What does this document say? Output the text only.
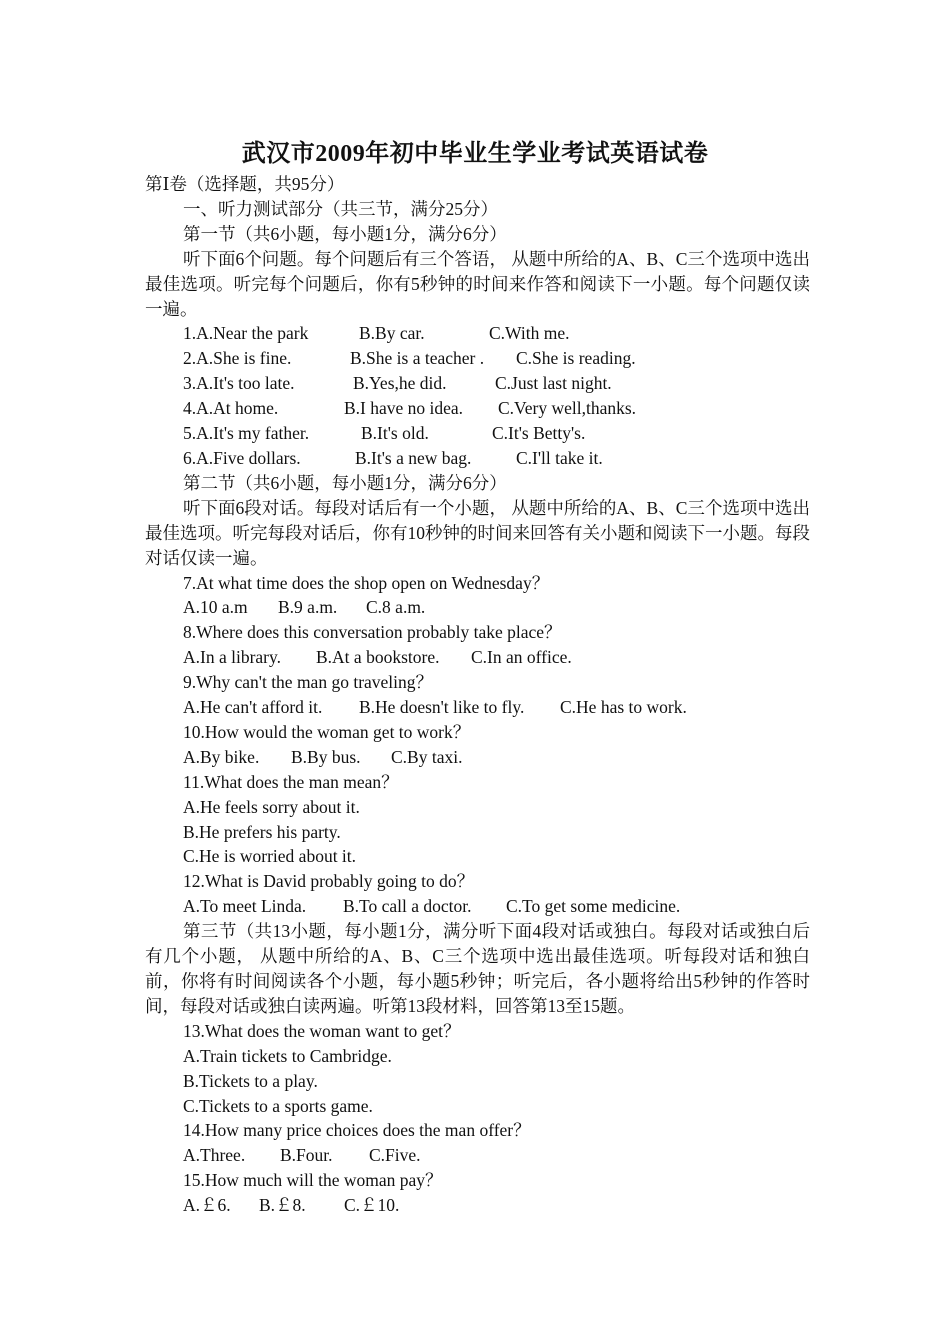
武汉市2009年初中毕业生学业考试英语试卷
第Ⅰ卷（选择题，共95分）
一、听力测试部分（共三节，满分25分）
第一节（共6小题，每小题1分，满分6分）
听下面6个问题。每个问题后有三个答语， 从题中所给的A、B、C三个选项中选出最佳选项。听完每个问题后，你有5秒钟的时间来作答和阅读下一小题。每个问题仅读一遍。
1.A.Near the park	B.By car.	C.With me.
2.A.She is fine.	B.She is a teacher . C.She is reading.
3.A.It's too late.	B.Yes,he did.	C.Just last night.
4.A.At home.	B.I have no idea. C.Very well,thanks.
5.A.It's my father.	B.It's old.	C.It's Betty's.
6.A.Five dollars.	B.It's a new bag.	C.I'll take it.
第二节（共6小题，每小题1分，满分6分）
听下面6段对话。每段对话后有一个小题， 从题中所给的A、B、C三个选项中选出最佳选项。听完每段对话后，你有10秒钟的时间来回答有关小题和阅读下一小题。每段对话仅读一遍。
7.At what time does the shop open on Wednesday？
A.10 a.m B.9 a.m. C.8 a.m.
8.Where does this conversation probably take place？
A.In a library. B.At a bookstore. C.In an office.
9.Why can't the man go traveling？
A.He can't afford it. B.He doesn't like to fly. C.He has to work.
10.How would the woman get to work？
A.By bike. B.By bus. C.By taxi.
11.What does the man mean？
A.He feels sorry about it.
B.He prefers his party.
C.He is worried about it.
12.What is David probably going to do？
A.To meet Linda. B.To call a doctor. C.To get some medicine.
第三节（共13小题，每小题1分，满分听下面4段对话或独白。每段对话或独白后有几个小题， 从题中所给的A、B、C三个选项中选出最佳选项。听每段对话和独白前，你将有时间阅读各个小题，每小题5秒钟；听完后，各小题将给出5秒钟的作答时间，每段对话或独白读两遍。听第13段材料，回答第13至15题。
13.What does the woman want to get？
A.Train tickets to Cambridge.
B.Tickets to a play.
C.Tickets to a sports game.
14.How many price choices does the man offer？
A.Three. B.Four. C.Five.
15.How much will the woman pay？
A.￡6. B.￡8. C.￡10.
